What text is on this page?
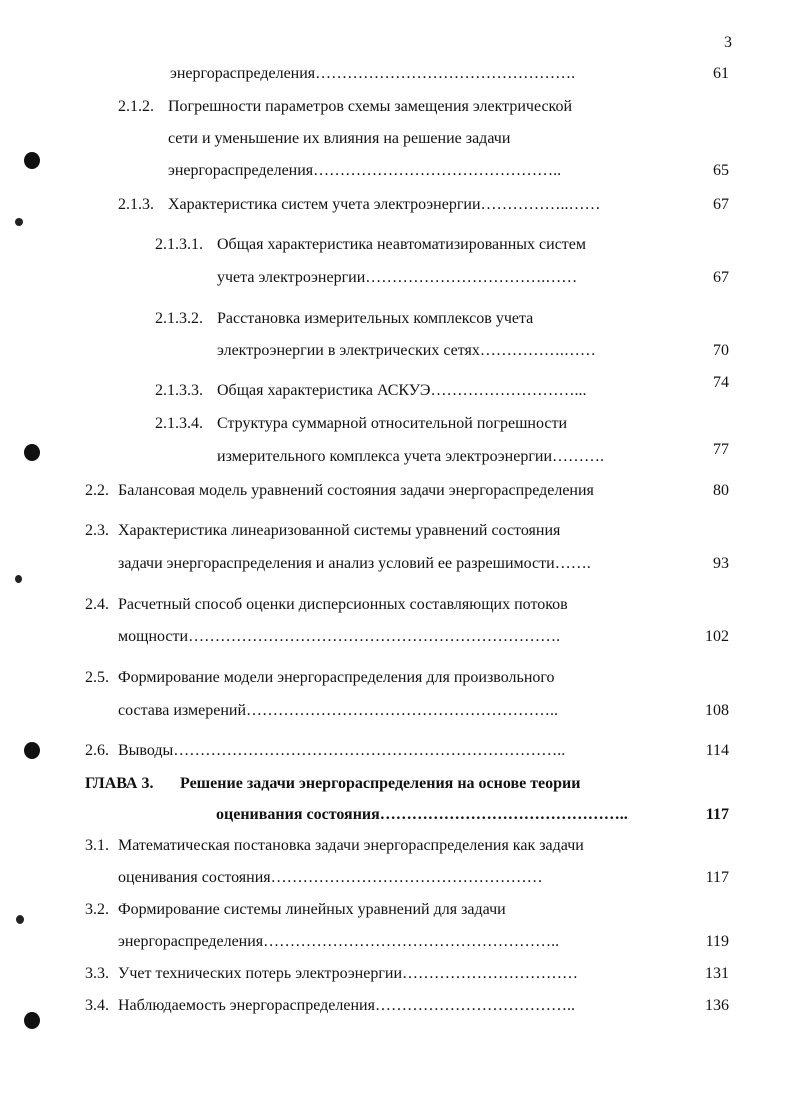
3
энергораспределения………………………………………….	61
2.1.2. Погрешности параметров схемы замещения электрической
сети и уменьшение их влияния на решение задачи
энергораспределения………………………………………..	65
2.1.3. Характеристика систем учета электроэнергии……………..……	67
2.1.3.1. Общая характеристика неавтоматизированных систем
учета электроэнергии…………………………….……	67
2.1.3.2. Расстановка измерительных комплексов учета
электроэнергии в электрических сетях…………….……	70
2.1.3.3. Общая характеристика АСКУЭ………………………...	74
2.1.3.4. Структура суммарной относительной погрешности
измерительного комплекса учета электроэнергии……….	77
2.2. Балансовая модель уравнений состояния задачи энергораспределения	80
2.3. Характеристика линеаризованной системы уравнений состояния
задачи энергораспределения и анализ условий ее разрешимости…….	93
2.4. Расчетный способ оценки дисперсионных составляющих потоков
мощности…………………………………………………………….	102
2.5. Формирование модели энергораспределения для произвольного
состава измерений…………………………………………………..	108
2.6. Выводы………………………………………………………………..	114
ГЛАВА 3. Решение задачи энергораспределения на основе теории
оценивания состояния………………………………………..	117
3.1. Математическая постановка задачи энергораспределения как задачи
оценивания состояния……………………………………………	117
3.2. Формирование системы линейных уравнений для задачи
энергораспределения………………………………………………..	119
3.3. Учет технических потерь электроэнергии……………………………	131
3.4. Наблюдаемость энергораспределения………………………………..	136
